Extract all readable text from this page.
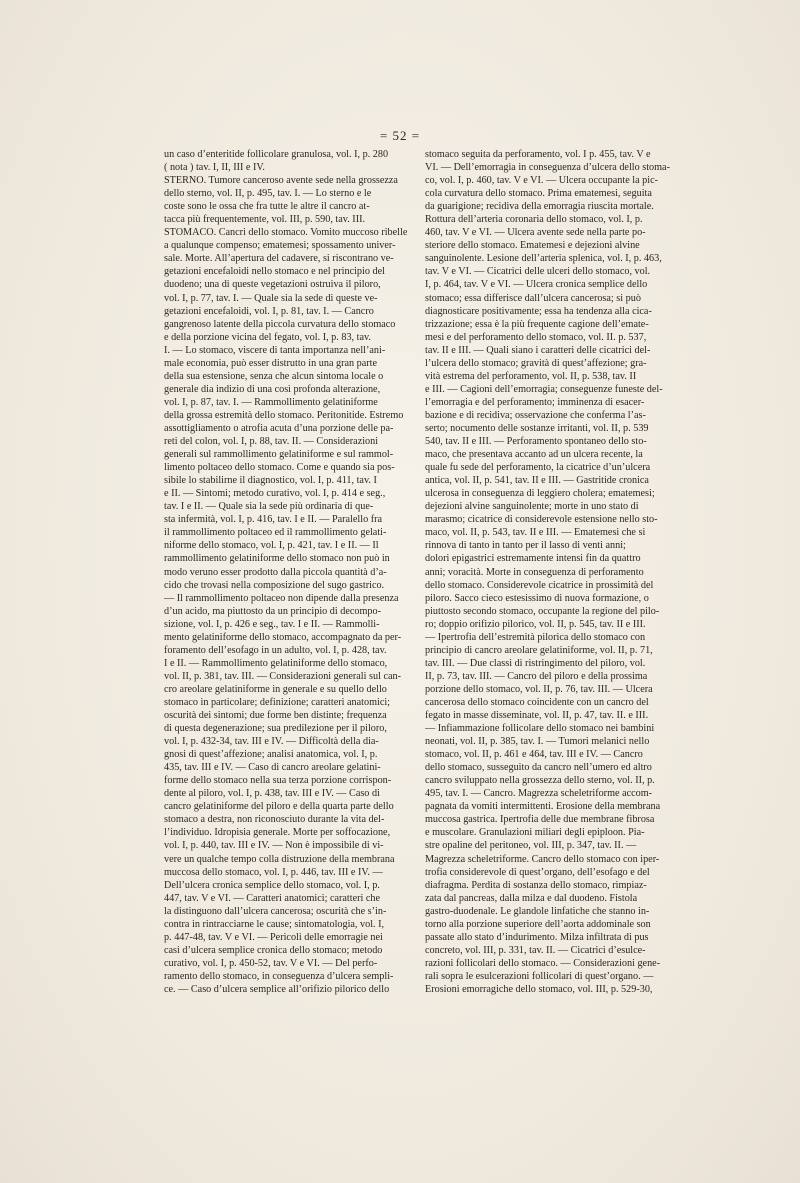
= 52 =
un caso d’enteritide follicolare granulosa, vol. I, p. 280
( nota ) tav. I, II, III e IV.
STERNO. Tumore canceroso avente sede nella grossezza
dello sterno, vol. II, p. 495, tav. I. — Lo sterno e le
coste sono le ossa che fra tutte le altre il cancro at-
tacca più frequentemente, vol. III, p. 590, tav. III.
STOMACO. Cancri dello stomaco. Vomito muccoso ribelle
a qualunque compenso; ematemesi; spossamento univer-
sale. Morte. All’apertura del cadavere, si riscontrano ve-
getazioni encefaloidi nello stomaco e nel principio del
duodeno; una di queste vegetazioni ostruiva il piloro,
vol. I, p. 77, tav. I. — Quale sia la sede di queste ve-
getazioni encefaloidi, vol. I, p. 81, tav. I. — Cancro
gangrenoso latente della piccola curvatura dello stomaco
e della porzione vicina del fegato, vol. I, p. 83, tav.
I. — Lo stomaco, viscere di tanta importanza nell’ani-
male economia, può esser distrutto in una gran parte
della sua estensione, senza che alcun sintoma locale o
generale dia indizio di una così profonda alterazione,
vol. I, p. 87, tav. I. — Rammollimento gelatiniforme
della grossa estremità dello stomaco. Peritonitide. Estremo
assottigliamento o atrofia acuta d’una porzione delle pa-
reti del colon, vol. I, p. 88, tav. II. — Considerazioni
generali sul rammollimento gelatiniforme e sul rammol-
limento poltaceo dello stomaco. Come e quando sia pos-
sibile lo stabilirne il diagnostico, vol. I, p. 411, tav. I
e II. — Sintomi; metodo curativo, vol. I, p. 414 e seg.,
tav. I e II. — Quale sia la sede più ordinaria di que-
sta infermità, vol. I, p. 416, tav. I e II. — Paralello fra
il rammollimento poltaceo ed il rammollimento gelati-
niforme dello stomaco, vol. I, p. 421, tav. I e II. — Il
rammollimento gelatiniforme dello stomaco non può in
modo veruno esser prodotto dalla piccola quantità d’a-
cido che trovasi nella composizione del sugo gastrico.
— Il rammollimento poltaceo non dipende dalla presenza
d’un acido, ma piuttosto da un principio di decompo-
sizione, vol. I, p. 426 e seg., tav. I e II. — Rammolli-
mento gelatiniforme dello stomaco, accompagnato da per-
foramento dell’esofago in un adulto, vol. I, p. 428, tav.
I e II. — Rammollimento gelatiniforme dello stomaco,
vol. II, p. 381, tav. III. — Considerazioni generali sul can-
cro areolare gelatiniforme in generale e su quello dello
stomaco in particolare; definizione; caratteri anatomici;
oscurità dei sintomi; due forme ben distinte; frequenza
di questa degenerazione; sua predilezione per il piloro,
vol. I, p. 432-34, tav. III e IV. — Difficoltà della dia-
gnosi di quest’affezione; analisi anatomica, vol. I, p.
435, tav. III e IV. — Caso di cancro areolare gelatini-
forme dello stomaco nella sua terza porzione corrispon-
dente al piloro, vol. I, p. 438, tav. III e IV. — Caso di
cancro gelatiniforme del piloro e della quarta parte dello
stomaco a destra, non riconosciuto durante la vita del-
l’individuo. Idropisia generale. Morte per soffocazione,
vol. I, p. 440, tav. III e IV. — Non è impossibile di vi-
vere un qualche tempo colla distruzione della membrana
muccosa dello stomaco, vol. I, p. 446, tav. III e IV. —
Dell’ulcera cronica semplice dello stomaco, vol. I, p.
447, tav. V e VI. — Caratteri anatomici; caratteri che
la distinguono dall’ulcera cancerosa; oscurità che s’in-
contra in rintracciarne le cause; sintomatologia, vol. I,
p. 447-48, tav. V e VI. — Pericoli delle emorragie nei
casi d’ulcera semplice cronica dello stomaco; metodo
curativo, vol. I, p. 450-52, tav. V e VI. — Del perfo-
ramento dello stomaco, in conseguenza d’ulcera sempli-
ce. — Caso d’ulcera semplice all’orifizio pilorico dello
stomaco seguita da perforamento, vol. I p. 455, tav. V e
VI. — Dell’emorragia in conseguenza d’ulcera dello stoma-
co, vol. I, p. 460, tav. V e VI. — Ulcera occupante la pic-
cola curvatura dello stomaco. Prima ematemesi, seguita
da guarigione; recidiva della emorragia riuscita mortale.
Rottura dell’arteria coronaria dello stomaco, vol. I, p.
460, tav. V e VI. — Ulcera avente sede nella parte po-
steriore dello stomaco. Ematemesi e dejezioni alvine
sanguinolente. Lesione dell’arteria splenica, vol. I, p. 463,
tav. V e VI. — Cicatrici delle ulceri dello stomaco, vol.
I, p. 464, tav. V e VI. — Ulcera cronica semplice dello
stomaco; essa differisce dall’ulcera cancerosa; si può
diagnosticare positivamente; essa ha tendenza alla cica-
trizzazione; essa è la più frequente cagione dell’emate-
mesi e del perforamento dello stomaco, vol. II. p. 537,
tav. II e III. — Quali siano i caratteri delle cicatrici del-
l’ulcera dello stomaco; gravità di quest’affezione; gra-
vità estrema del perforamento, vol. II, p. 538, tav. II
e III. — Cagioni dell’emorragia; conseguenze funeste del-
l’emorragia e del perforamento; imminenza di esacer-
bazione e di recidiva; osservazione che conferma l’as-
serto; nocumento delle sostanze irritanti, vol. II, p. 539
540, tav. II e III. — Perforamento spontaneo dello sto-
maco, che presentava accanto ad un ulcera recente, la
quale fu sede del perforamento, la cicatrice d’un’ulcera
antica, vol. II, p. 541, tav. II e III. — Gastritide cronica
ulcerosa in conseguenza di leggiero cholera; ematemesi;
dejezioni alvine sanguinolente; morte in uno stato di
marasmo; cicatrice di considerevole estensione nello sto-
maco, vol. II, p. 543, tav. II e III. — Ematemesi che si
rinnova di tanto in tanto per il lasso di venti anni;
dolori epigastrici estremamente intensi fin da quattro
anni; voracità. Morte in conseguenza di perforamento
dello stomaco. Considerevole cicatrice in prossimità del
piloro. Sacco cieco estesissimo di nuova formazione, o
piuttosto secondo stomaco, occupante la regione del pilo-
ro; doppio orifizio pilorico, vol. II, p. 545, tav. II e III.
— Ipertrofia dell’estremità pilorica dello stomaco con
principio di cancro areolare gelatiniforme, vol. II, p. 71,
tav. III. — Due classi di ristringimento del piloro, vol.
II, p. 73, tav. III. — Cancro del piloro e della prossima
porzione dello stomaco, vol. II, p. 76, tav. III. — Ulcera
cancerosa dello stomaco coincidente con un cancro del
fegato in masse disseminate, vol. II, p. 47, tav. II. e III.
— Infiammazione follicolare dello stomaco nei bambini
neonati, vol. II, p. 385, tav. I. — Tumori melanici nello
stomaco, vol. II, p. 461 e 464, tav. III e IV. — Cancro
dello stomaco, susseguito da cancro nell’umero ed altro
cancro sviluppato nella grossezza dello sterno, vol. II, p.
495, tav. I. — Cancro. Magrezza scheletriforme accom-
pagnata da vomiti intermittenti. Erosione della membrana
muccosa gastrica. Ipertrofia delle due membrane fibrosa
e muscolare. Granulazioni miliari degli epiploon. Pia-
stre opaline del peritoneo, vol. III, p. 347, tav. II. —
Magrezza scheletriforme. Cancro dello stomaco con iper-
trofia considerevole di quest’organo, dell’esofago e del
diafragma. Perdita di sostanza dello stomaco, rimpiaz-
zata dal pancreas, dalla milza e dal duodeno. Fistola
gastro-duodenale. Le glandole linfatiche che stanno in-
torno alla porzione superiore dell’aorta addominale son
passate allo stato d’indurimento. Milza infiltrata di pus
concreto, vol. III, p. 331, tav. II. — Cicatrici d’esulce-
razioni follicolari dello stomaco. — Considerazioni gene-
rali sopra le esulcerazioni follicolari di quest’organo. —
Erosioni emorragiche dello stomaco, vol. III, p. 529-30,
